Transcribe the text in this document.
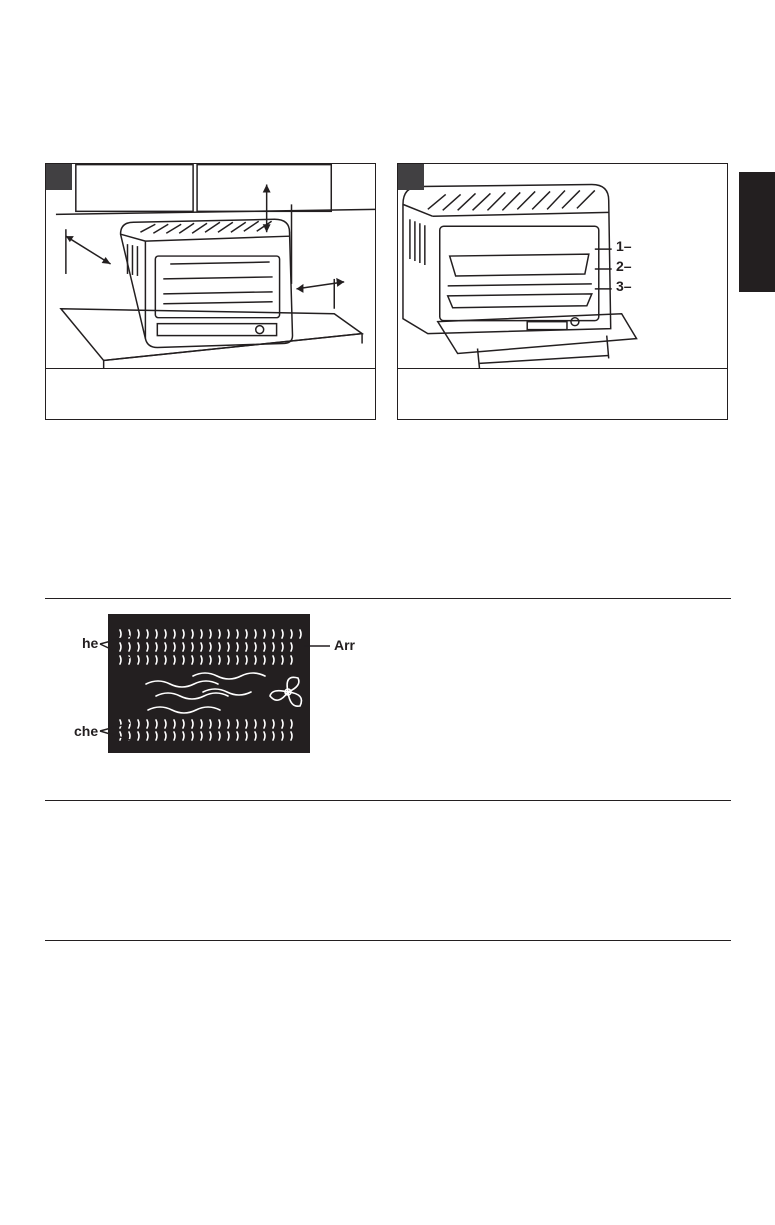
1–
2–
3–
he
che
Arr
